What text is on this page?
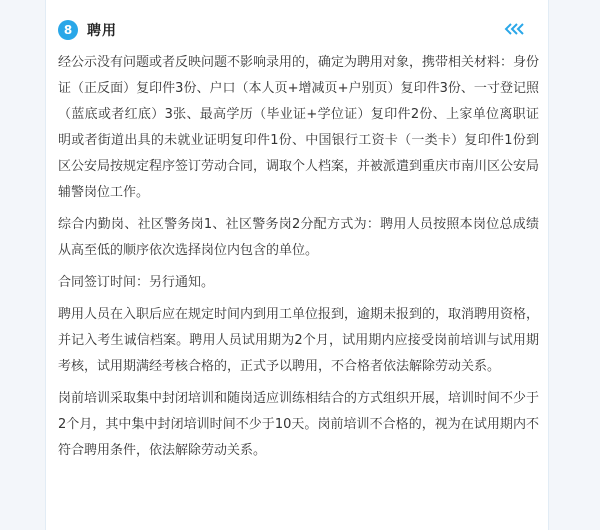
8	聘用

经公示没有问题或者反映问题不影响录用的，确定为聘用对象，携带相关材料：身份证（正反面）复印件3份、户口（本人页+增减页+户别页）复印件3份、一寸登记照（蓝底或者红底）3张、最高学历（毕业证+学位证）复印件2份、上家单位离职证明或者街道出具的未就业证明复印件1份、中国银行工资卡（一类卡）复印件1份到区公安局按规定程序签订劳动合同，调取个人档案，并被派遣到重庆市南川区公安局辅警岗位工作。

综合内勤岗、社区警务岗1、社区警务岗2分配方式为：聘用人员按照本岗位总成绩从高至低的顺序依次选择岗位内包含的单位。

合同签订时间：另行通知。

聘用人员在入职后应在规定时间内到用工单位报到，逾期未报到的，取消聘用资格，并记入考生诚信档案。聘用人员试用期为2个月，试用期内应接受岗前培训与试用期考核，试用期满经考核合格的，正式予以聘用，不合格者依法解除劳动关系。

岗前培训采取集中封闭培训和随岗适应训练相结合的方式组织开展，培训时间不少于2个月，其中集中封闭培训时间不少于10天。岗前培训不合格的，视为在试用期内不符合聘用条件，依法解除劳动关系。
